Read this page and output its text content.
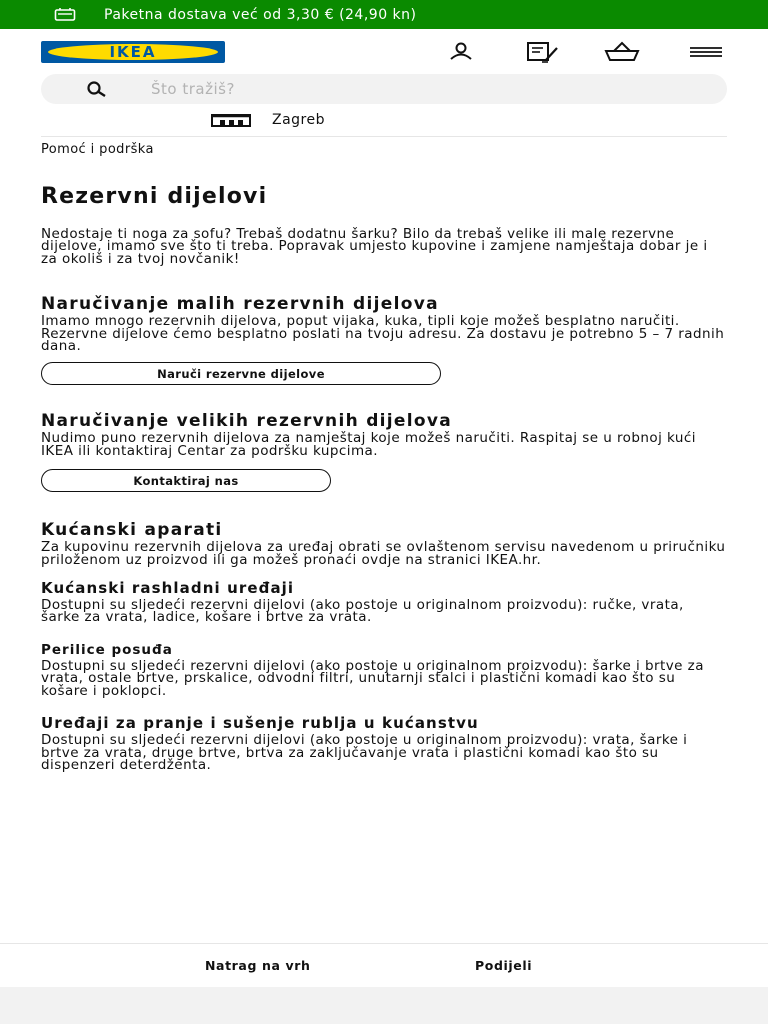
Paketna dostava već od 3,30 € (24,90 kn)
IKEA
Što tražiš?
Zagreb
Pomoć i podrška
Rezervni dijelovi

Nedostaje ti noga za sofu? Trebaš dodatnu šarku? Bilo da trebaš velike ili male rezervne dijelove, imamo sve što ti treba. Popravak umjesto kupovine i zamjene namještaja dobar je i za okoliš i za tvoj novčanik!

Naručivanje malih rezervnih dijelova

Imamo mnogo rezervnih dijelova, poput vijaka, kuka, tipli koje možeš besplatno naručiti. Rezervne dijelove ćemo besplatno poslati na tvoju adresu. Za dostavu je potrebno 5 – 7 radnih dana.

Naruči rezervne dijelove
Naručivanje velikih rezervnih dijelova

Nudimo puno rezervnih dijelova za namještaj koje možeš naručiti. Raspitaj se u robnoj kući IKEA ili kontaktiraj Centar za podršku kupcima.

Kontaktiraj nas
Kućanski aparati

Za kupovinu rezervnih dijelova za uređaj obrati se ovlaštenom servisu navedenom u priručniku priloženom uz proizvod ili ga možeš pronaći ovdje na stranici IKEA.hr.

Kućanski rashladni uređaji

Dostupni su sljedeći rezervni dijelovi (ako postoje u originalnom proizvodu): ručke, vrata, šarke za vrata, ladice, košare i brtve za vrata.

Perilice posuđa

Dostupni su sljedeći rezervni dijelovi (ako postoje u originalnom proizvodu): šarke i brtve za vrata, ostale brtve, prskalice, odvodni filtri, unutarnji stalci i plastični komadi kao što su košare i poklopci.

Uređaji za pranje i sušenje rublja u kućanstvu

Dostupni su sljedeći rezervni dijelovi (ako postoje u originalnom proizvodu): vrata, šarke i brtve za vrata, druge brtve, brtva za zaključavanje vrata i plastični komadi kao što su dispenzeri deterdženta.

Natrag na vrh	Podijeli
